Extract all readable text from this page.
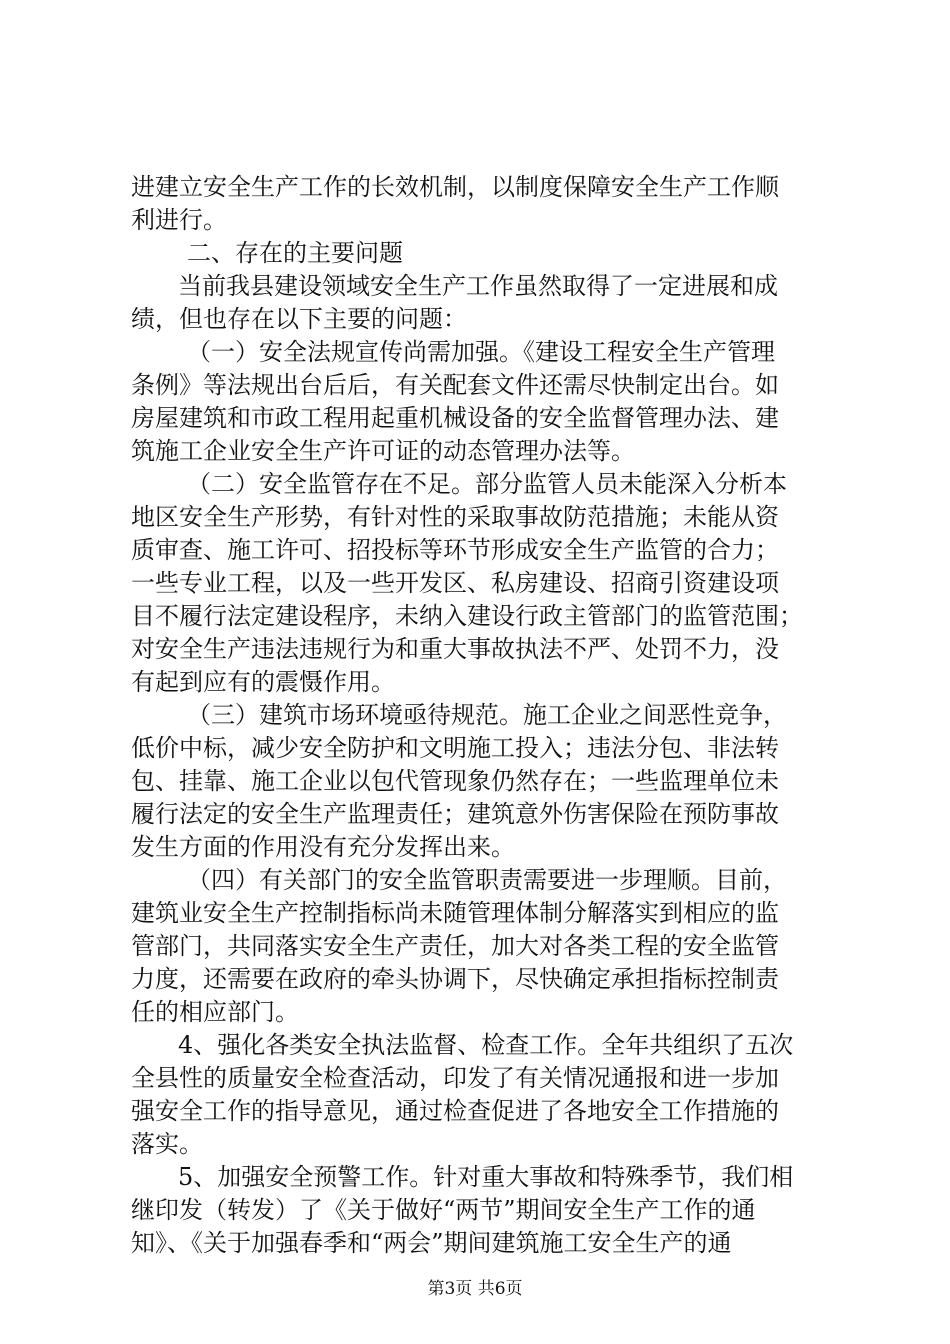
进建立安全生产工作的长效机制，以制度保障安全生产工作顺

利进行。

二、存在的主要问题

当前我县建设领域安全生产工作虽然取得了一定进展和成

绩，但也存在以下主要的问题：

（一）安全法规宣传尚需加强。《建设工程安全生产管理

条例》等法规出台后后，有关配套文件还需尽快制定出台。如

房屋建筑和市政工程用起重机械设备的安全监督管理办法、建

筑施工企业安全生产许可证的动态管理办法等。

（二）安全监管存在不足。部分监管人员未能深入分析本

地区安全生产形势，有针对性的采取事故防范措施；未能从资

质审查、施工许可、招投标等环节形成安全生产监管的合力；

一些专业工程，以及一些开发区、私房建设、招商引资建设项

目不履行法定建设程序，未纳入建设行政主管部门的监管范围；

对安全生产违法违规行为和重大事故执法不严、处罚不力，没

有起到应有的震慑作用。

（三）建筑市场环境亟待规范。施工企业之间恶性竞争，

低价中标，减少安全防护和文明施工投入；违法分包、非法转

包、挂靠、施工企业以包代管现象仍然存在；一些监理单位未

履行法定的安全生产监理责任；建筑意外伤害保险在预防事故

发生方面的作用没有充分发挥出来。

（四）有关部门的安全监管职责需要进一步理顺。目前，

建筑业安全生产控制指标尚未随管理体制分解落实到相应的监

管部门，共同落实安全生产责任，加大对各类工程的安全监管

力度，还需要在政府的牵头协调下，尽快确定承担指标控制责

任的相应部门。

4、强化各类安全执法监督、检查工作。全年共组织了五次

全县性的质量安全检查活动，印发了有关情况通报和进一步加

强安全工作的指导意见，通过检查促进了各地安全工作措施的

落实。

5、加强安全预警工作。针对重大事故和特殊季节，我们相

继印发（转发）了《关于做好“两节”期间安全生产工作的通

知》、《关于加强春季和“两会”期间建筑施工安全生产的通

第3页 共6页
